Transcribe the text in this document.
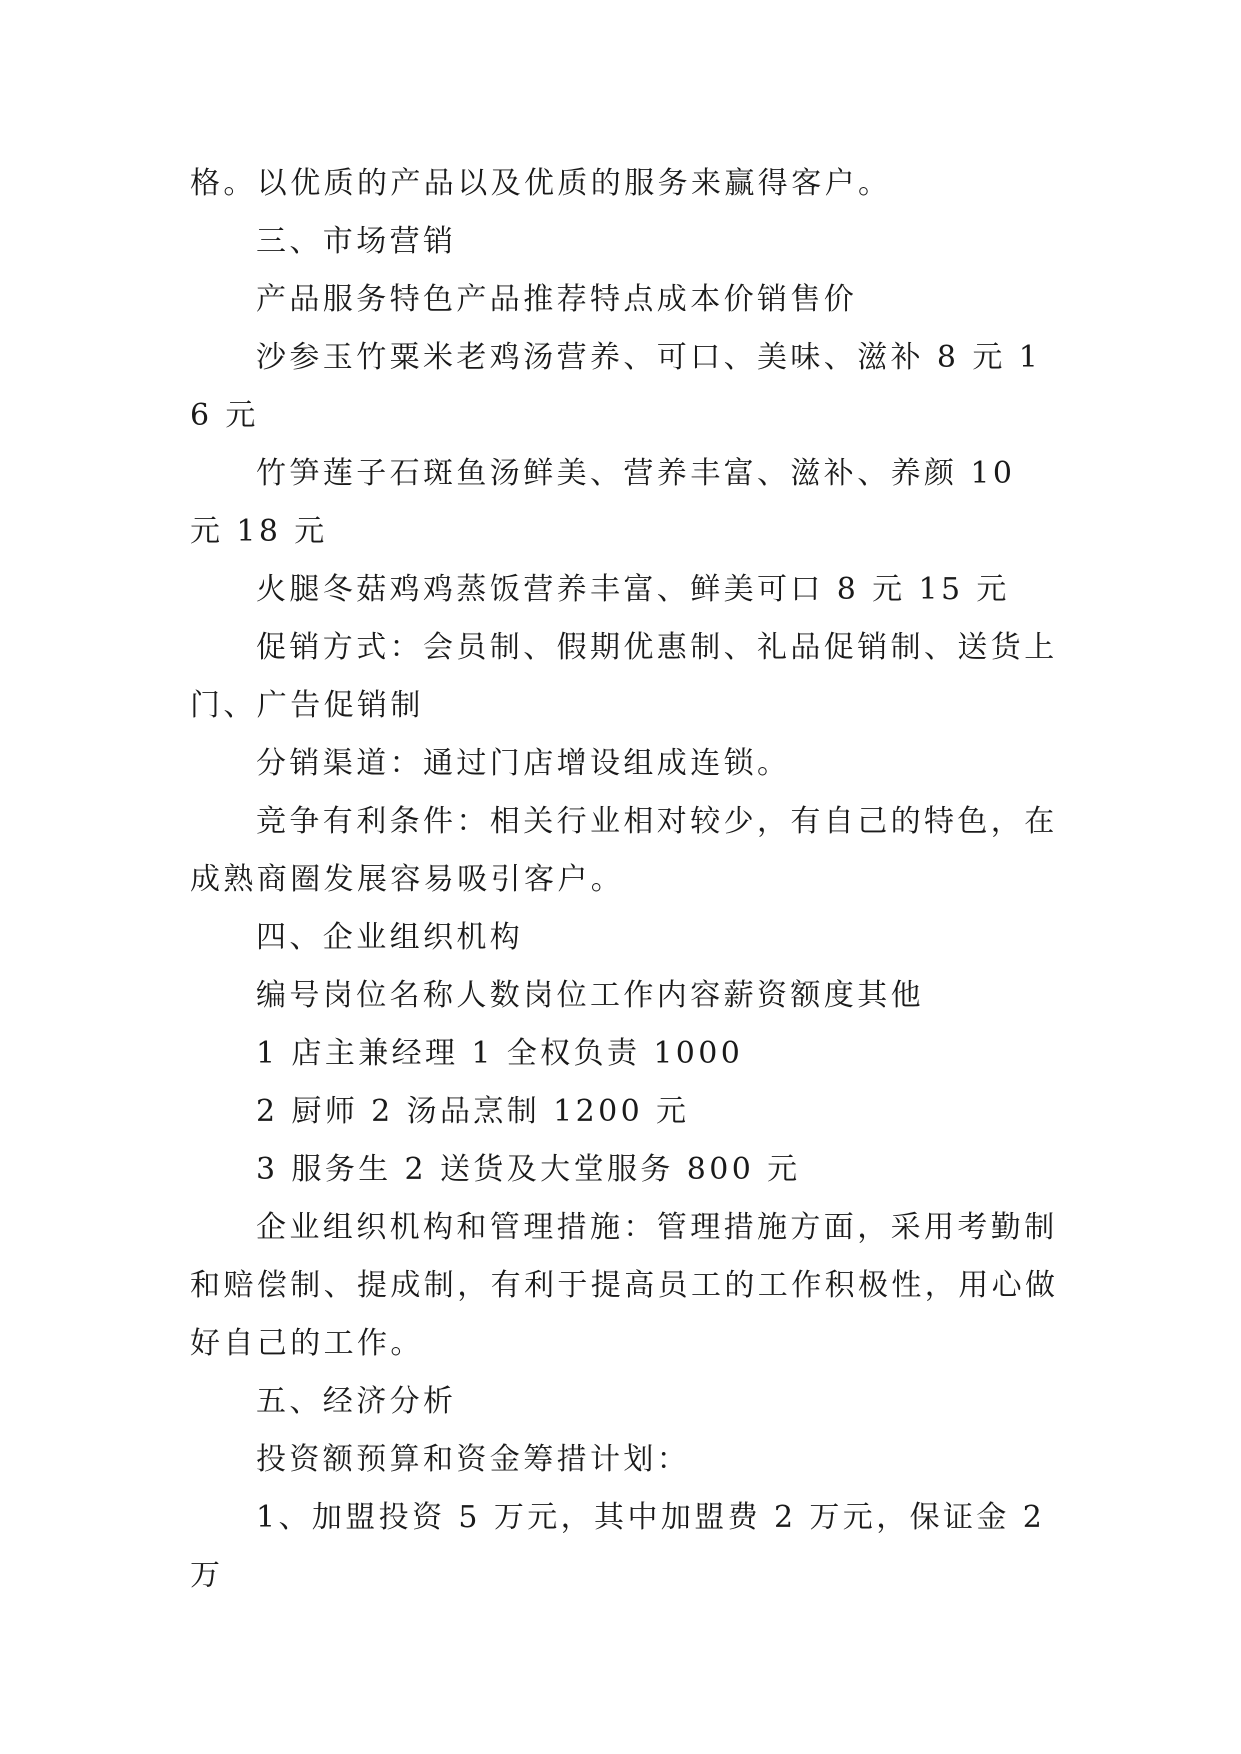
格。以优质的产品以及优质的服务来赢得客户。

三、市场营销

产品服务特色产品推荐特点成本价销售价

沙参玉竹粟米老鸡汤营养、可口、美味、滋补 8 元 16 元

竹笋莲子石斑鱼汤鲜美、营养丰富、滋补、养颜 10 元 18 元

火腿冬菇鸡鸡蒸饭营养丰富、鲜美可口 8 元 15 元

促销方式：会员制、假期优惠制、礼品促销制、送货上门、广告促销制

分销渠道：通过门店增设组成连锁。

竞争有利条件：相关行业相对较少，有自己的特色，在成熟商圈发展容易吸引客户。

四、企业组织机构

编号岗位名称人数岗位工作内容薪资额度其他

1 店主兼经理 1 全权负责 1000

2 厨师 2 汤品烹制 1200 元

3 服务生 2 送货及大堂服务 800 元

企业组织机构和管理措施：管理措施方面，采用考勤制和赔偿制、提成制，有利于提高员工的工作积极性，用心做好自己的工作。

五、经济分析

投资额预算和资金筹措计划：

1、加盟投资 5 万元，其中加盟费 2 万元，保证金 2 万
